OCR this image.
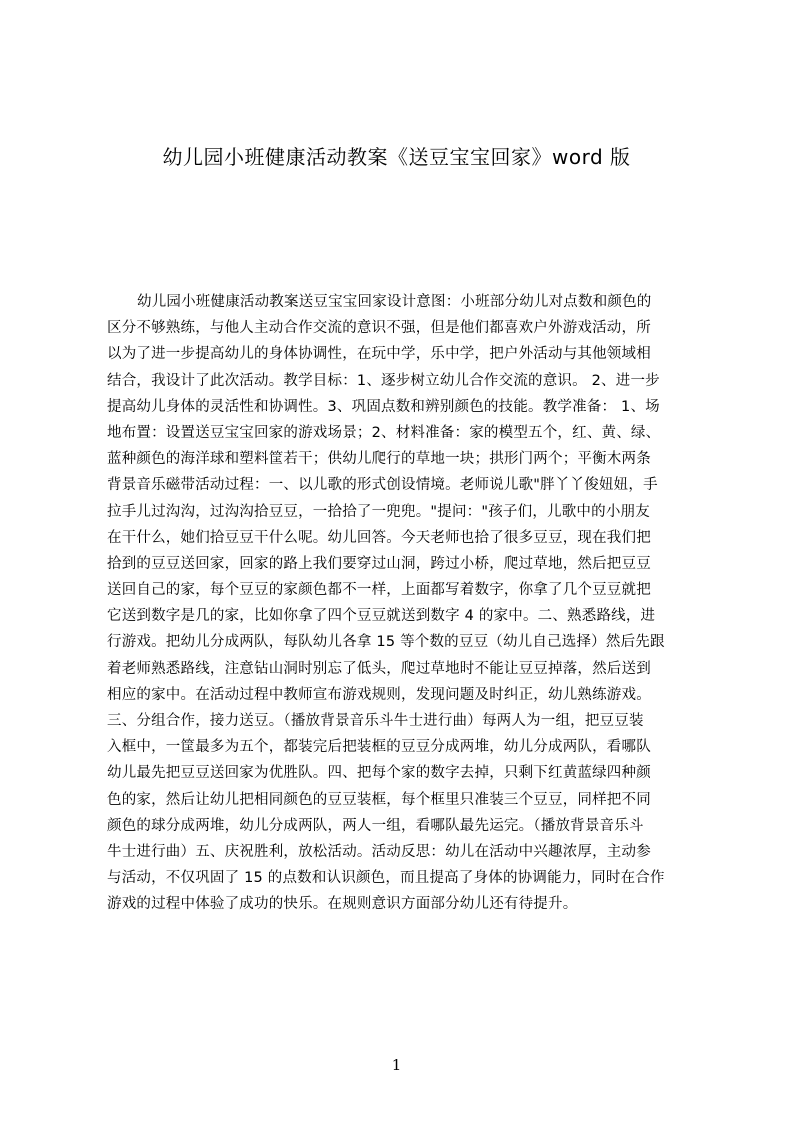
幼儿园小班健康活动教案《送豆宝宝回家》word 版
幼儿园小班健康活动教案送豆宝宝回家设计意图：小班部分幼儿对点数和颜色的
区分不够熟练，与他人主动合作交流的意识不强，但是他们都喜欢户外游戏活动，所
以为了进一步提高幼儿的身体协调性，在玩中学，乐中学，把户外活动与其他领域相
结合，我设计了此次活动。教学目标：1、逐步树立幼儿合作交流的意识。 2、进一步
提高幼儿身体的灵活性和协调性。3、巩固点数和辨别颜色的技能。教学准备： 1、场
地布置：设置送豆宝宝回家的游戏场景；2、材料准备：家的模型五个，红、黄、绿、
蓝种颜色的海洋球和塑料筐若干；供幼儿爬行的草地一块；拱形门两个；平衡木两条
背景音乐磁带活动过程：一、以儿歌的形式创设情境。老师说儿歌"胖丫丫俊妞妞，手
拉手儿过沟沟，过沟沟拾豆豆，一拾拾了一兜兜。"提问："孩子们，儿歌中的小朋友
在干什么，她们拾豆豆干什么呢。幼儿回答。今天老师也拾了很多豆豆，现在我们把
拾到的豆豆送回家，回家的路上我们要穿过山洞，跨过小桥，爬过草地，然后把豆豆
送回自己的家，每个豆豆的家颜色都不一样，上面都写着数字，你拿了几个豆豆就把
它送到数字是几的家，比如你拿了四个豆豆就送到数字 4 的家中。二、熟悉路线，进
行游戏。把幼儿分成两队，每队幼儿各拿 15 等个数的豆豆（幼儿自己选择）然后先跟
着老师熟悉路线，注意钻山洞时别忘了低头，爬过草地时不能让豆豆掉落，然后送到
相应的家中。在活动过程中教师宣布游戏规则，发现问题及时纠正，幼儿熟练游戏。
三、分组合作，接力送豆。（播放背景音乐斗牛士进行曲）每两人为一组，把豆豆装
入框中，一筐最多为五个，都装完后把装框的豆豆分成两堆，幼儿分成两队，看哪队
幼儿最先把豆豆送回家为优胜队。四、把每个家的数字去掉，只剩下红黄蓝绿四种颜
色的家，然后让幼儿把相同颜色的豆豆装框，每个框里只准装三个豆豆，同样把不同
颜色的球分成两堆，幼儿分成两队，两人一组，看哪队最先运完。（播放背景音乐斗
牛士进行曲）五、庆祝胜利，放松活动。活动反思：幼儿在活动中兴趣浓厚，主动参
与活动，不仅巩固了 15 的点数和认识颜色，而且提高了身体的协调能力，同时在合作
游戏的过程中体验了成功的快乐。在规则意识方面部分幼儿还有待提升。
1
